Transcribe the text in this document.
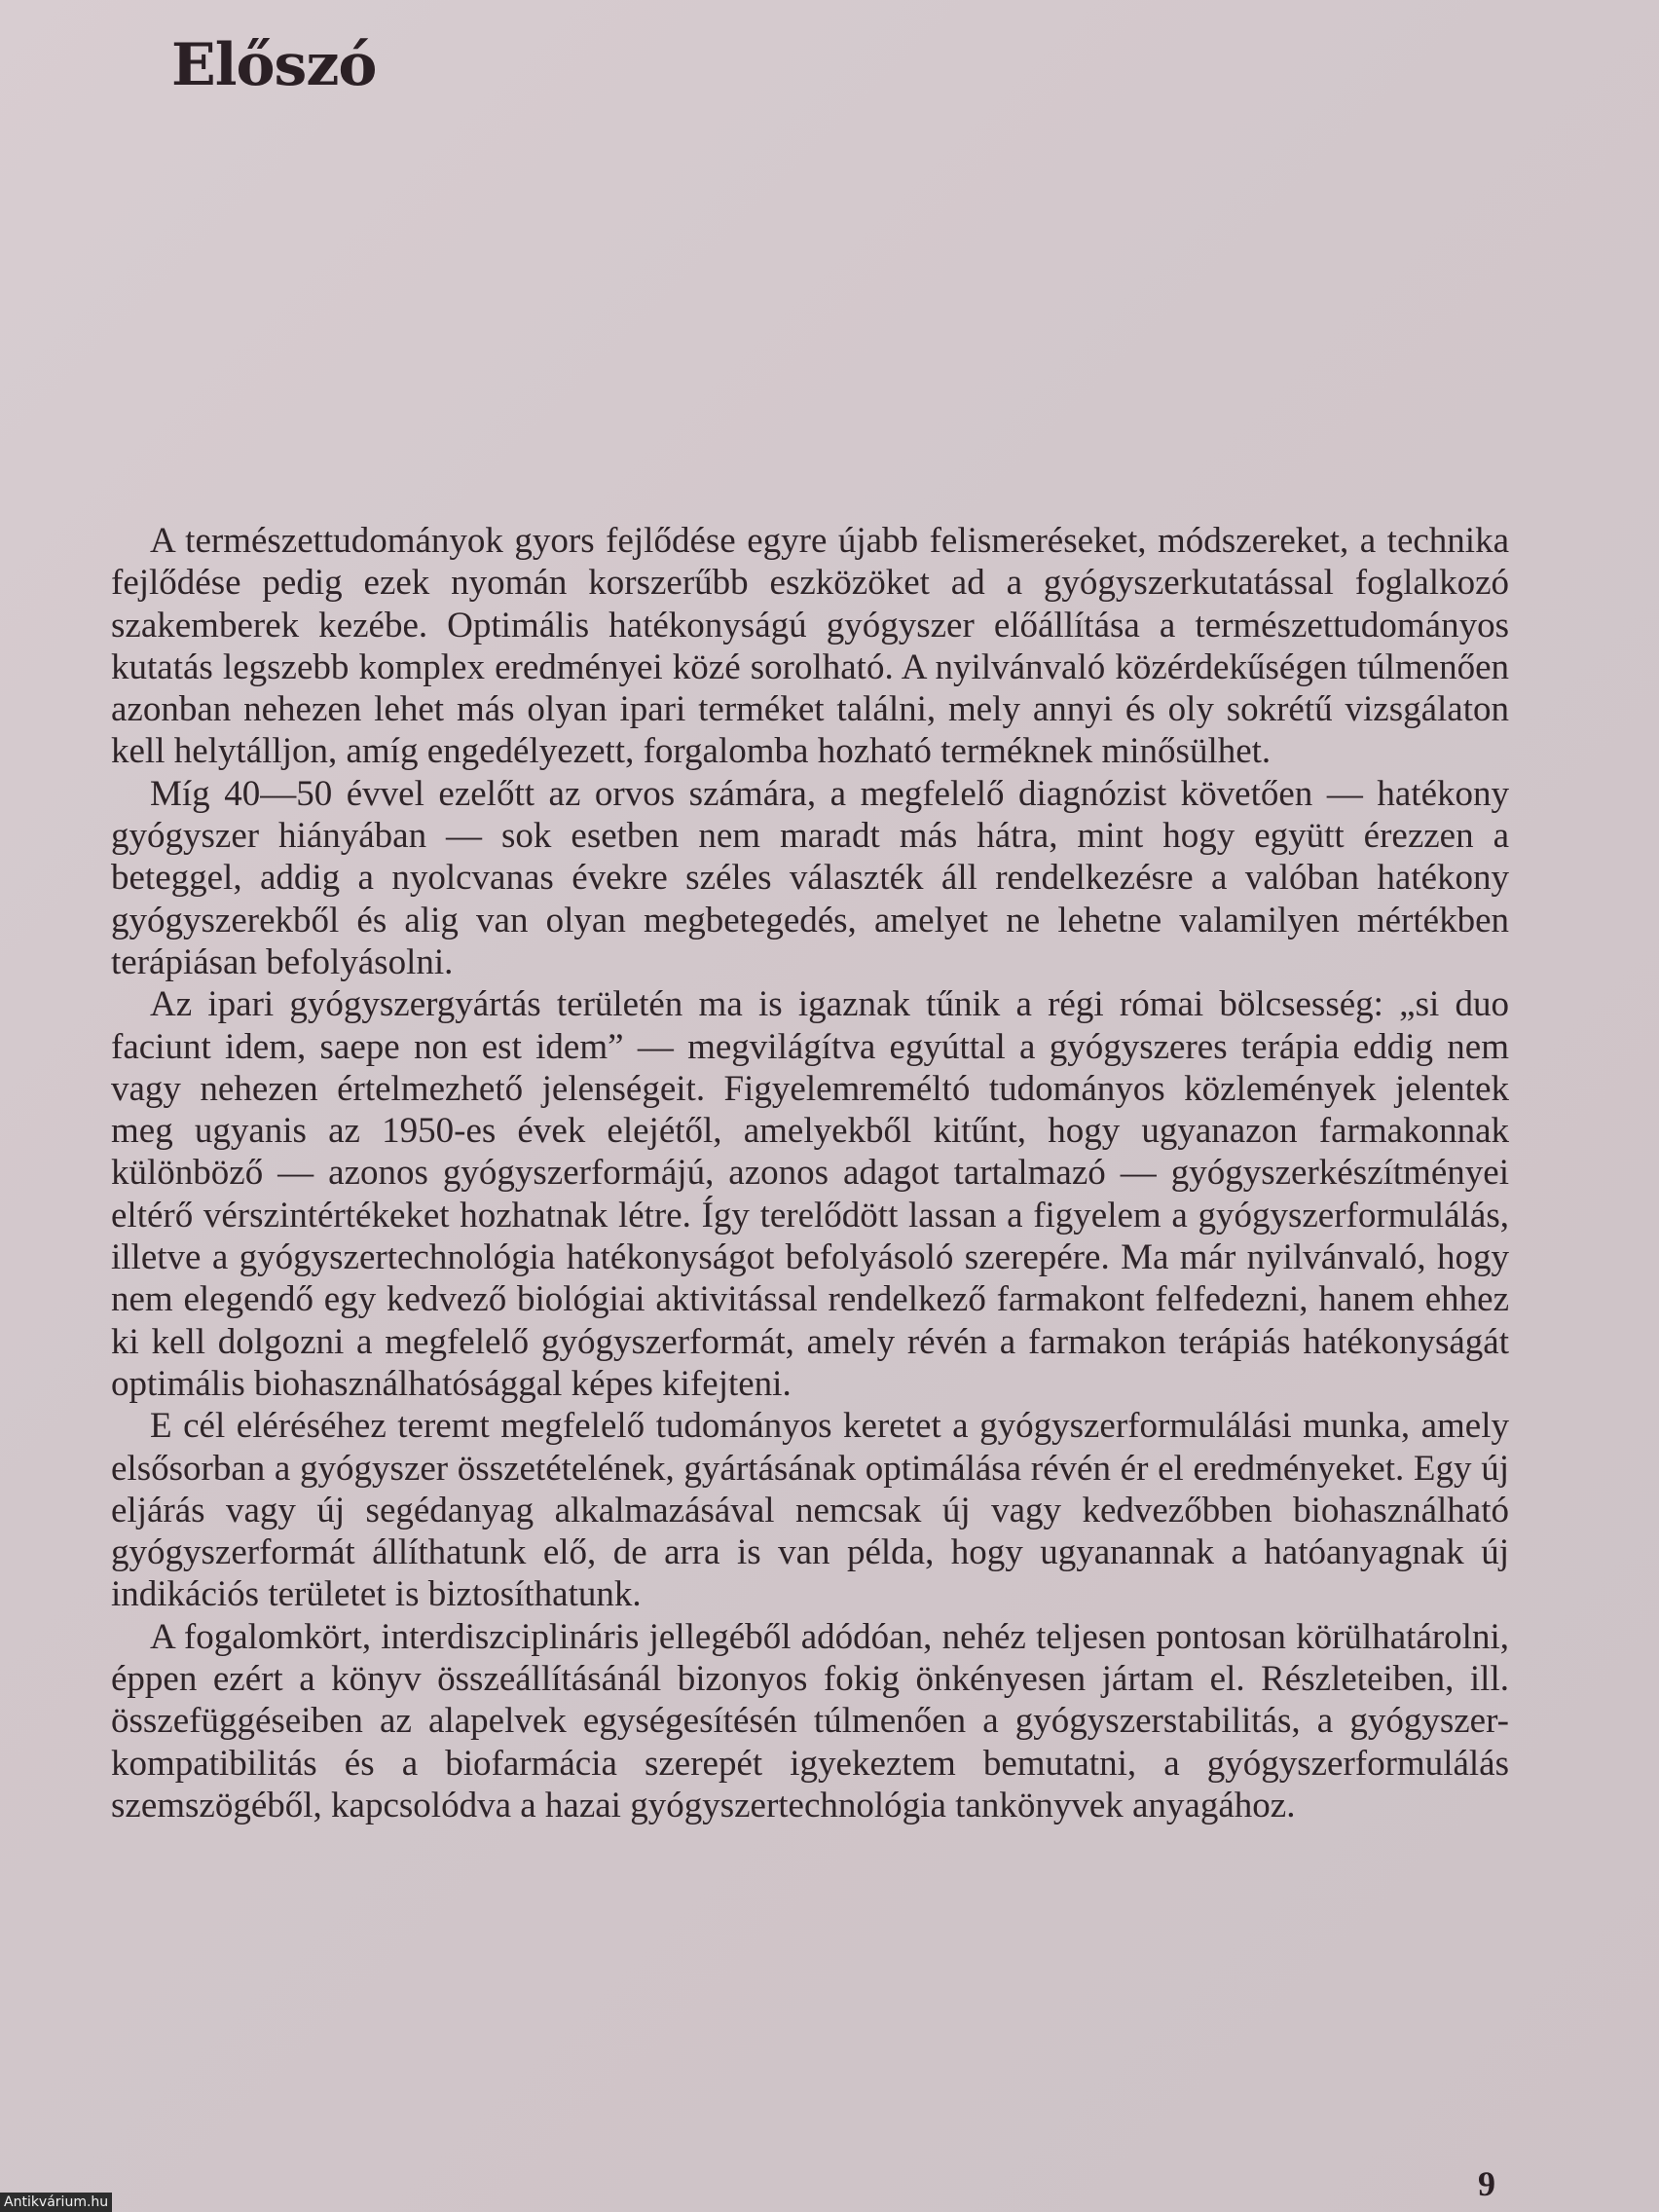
Előszó

A természettudományok gyors fejlődése egyre újabb felismeréseket, módszereket, a technika fejlődése pedig ezek nyomán korszerűbb eszközöket ad a gyógyszerkutatással foglalkozó szakemberek kezébe. Optimális hatékonyságú gyógyszer előállítása a természettudományos kutatás legszebb komplex eredményei közé sorolható. A nyilvánvaló közérdekűségen túlmenően azonban nehezen lehet más olyan ipari terméket találni, mely annyi és oly sokrétű vizsgálaton kell helytálljon, amíg engedélyezett, forgalomba hozható terméknek minősülhet.

Míg 40—50 évvel ezelőtt az orvos számára, a megfelelő diagnózist követően — hatékony gyógyszer hiányában — sok esetben nem maradt más hátra, mint hogy együtt érezzen a beteggel, addig a nyolcvanas évekre széles választék áll rendelkezésre a valóban hatékony gyógyszerekből és alig van olyan megbetegedés, amelyet ne lehetne valamilyen mértékben terápiásan befolyásolni.

Az ipari gyógyszergyártás területén ma is igaznak tűnik a régi római bölcsesség: „si duo faciunt idem, saepe non est idem” — megvilágítva egyúttal a gyógyszeres terápia eddig nem vagy nehezen értelmezhető jelenségeit. Figyelemreméltó tudományos közlemények jelentek meg ugyanis az 1950-es évek elejétől, amelyekből kitűnt, hogy ugyanazon farmakonnak különböző — azonos gyógyszerformájú, azonos adagot tartalmazó — gyógyszerkészítményei eltérő vérszintértékeket hozhatnak létre. Így terelődött lassan a figyelem a gyógyszerformulálás, illetve a gyógyszertechnológia hatékonyságot befolyásoló szerepére. Ma már nyilvánvaló, hogy nem elegendő egy kedvező biológiai aktivitással rendelkező farmakont felfedezni, hanem ehhez ki kell dolgozni a megfelelő gyógyszerformát, amely révén a farmakon terápiás hatékonyságát optimális biohasználhatósággal képes kifejteni.

E cél eléréséhez teremt megfelelő tudományos keretet a gyógyszerformulálási munka, amely elsősorban a gyógyszer összetételének, gyártásának optimálása révén ér el eredményeket. Egy új eljárás vagy új segédanyag alkalmazásával nemcsak új vagy kedvezőbben biohasználható gyógyszerformát állíthatunk elő, de arra is van példa, hogy ugyanannak a hatóanyagnak új indikációs területet is biztosíthatunk.

A fogalomkört, interdiszciplináris jellegéből adódóan, nehéz teljesen pontosan körülhatárolni, éppen ezért a könyv összeállításánál bizonyos fokig önkényesen jártam el. Részleteiben, ill. összefüggéseiben az alapelvek egységesítésén túlmenően a gyógyszerstabilitás, a gyógyszer-kompatibilitás és a biofarmácia szerepét igyekeztem bemutatni, a gyógyszerformulálás szemszögéből, kapcsolódva a hazai gyógyszertechnológia tankönyvek anyagához.

9
Antikvárium.hu
